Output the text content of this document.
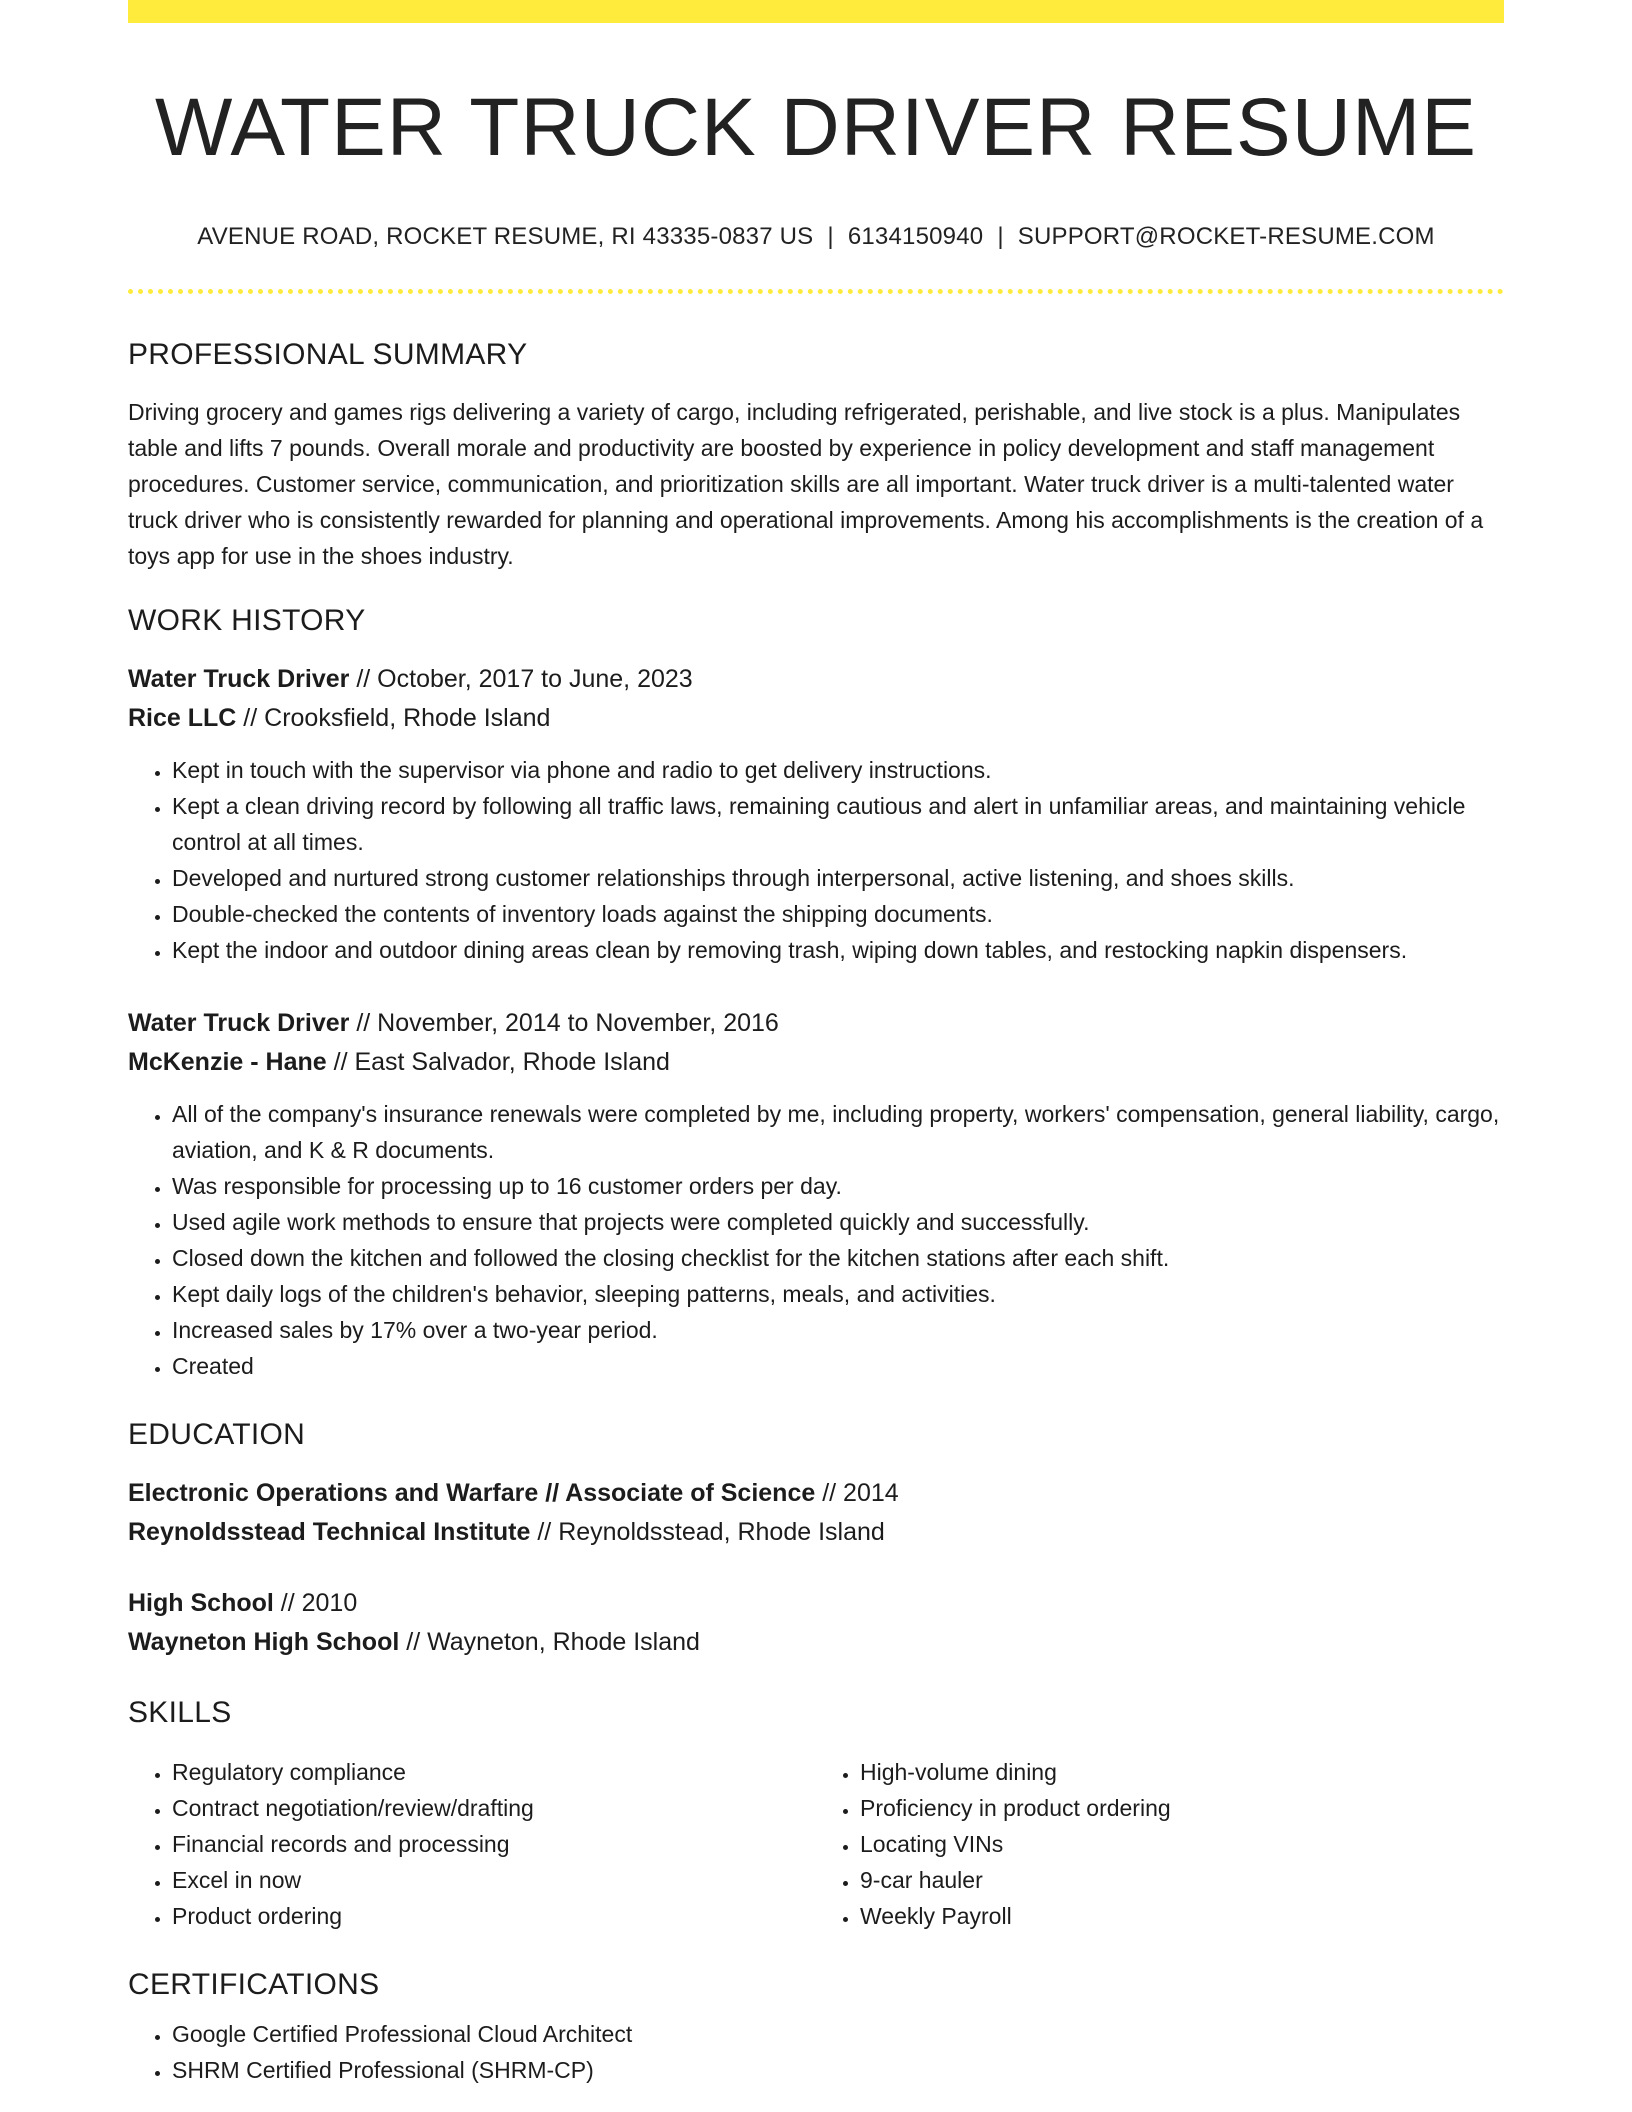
WATER TRUCK DRIVER RESUME
AVENUE ROAD, ROCKET RESUME, RI 43335-0837 US | 6134150940 | SUPPORT@ROCKET-RESUME.COM
PROFESSIONAL SUMMARY

Driving grocery and games rigs delivering a variety of cargo, including refrigerated, perishable, and live stock is a plus. Manipulates table and lifts 7 pounds. Overall morale and productivity are boosted by experience in policy development and staff management procedures. Customer service, communication, and prioritization skills are all important. Water truck driver is a multi-talented water truck driver who is consistently rewarded for planning and operational improvements. Among his accomplishments is the creation of a toys app for use in the shoes industry.

WORK HISTORY
Water Truck Driver // October, 2017 to June, 2023
Rice LLC // Crooksfield, Rhode Island
• Kept in touch with the supervisor via phone and radio to get delivery instructions.
• Kept a clean driving record by following all traffic laws, remaining cautious and alert in unfamiliar areas, and maintaining vehicle control at all times.
• Developed and nurtured strong customer relationships through interpersonal, active listening, and shoes skills.
• Double-checked the contents of inventory loads against the shipping documents.
• Kept the indoor and outdoor dining areas clean by removing trash, wiping down tables, and restocking napkin dispensers.
Water Truck Driver // November, 2014 to November, 2016
McKenzie - Hane // East Salvador, Rhode Island
• All of the company's insurance renewals were completed by me, including property, workers' compensation, general liability, cargo, aviation, and K & R documents.
• Was responsible for processing up to 16 customer orders per day.
• Used agile work methods to ensure that projects were completed quickly and successfully.
• Closed down the kitchen and followed the closing checklist for the kitchen stations after each shift.
• Kept daily logs of the children's behavior, sleeping patterns, meals, and activities.
• Increased sales by 17% over a two-year period.
• Created
EDUCATION
Electronic Operations and Warfare // Associate of Science // 2014
Reynoldsstead Technical Institute // Reynoldsstead, Rhode Island
High School // 2010
Wayneton High School // Wayneton, Rhode Island
SKILLS
• Regulatory compliance
• Contract negotiation/review/drafting
• Financial records and processing
• Excel in now
• Product ordering
• High-volume dining
• Proficiency in product ordering
• Locating VINs
• 9-car hauler
• Weekly Payroll
CERTIFICATIONS
• Google Certified Professional Cloud Architect
• SHRM Certified Professional (SHRM-CP)
